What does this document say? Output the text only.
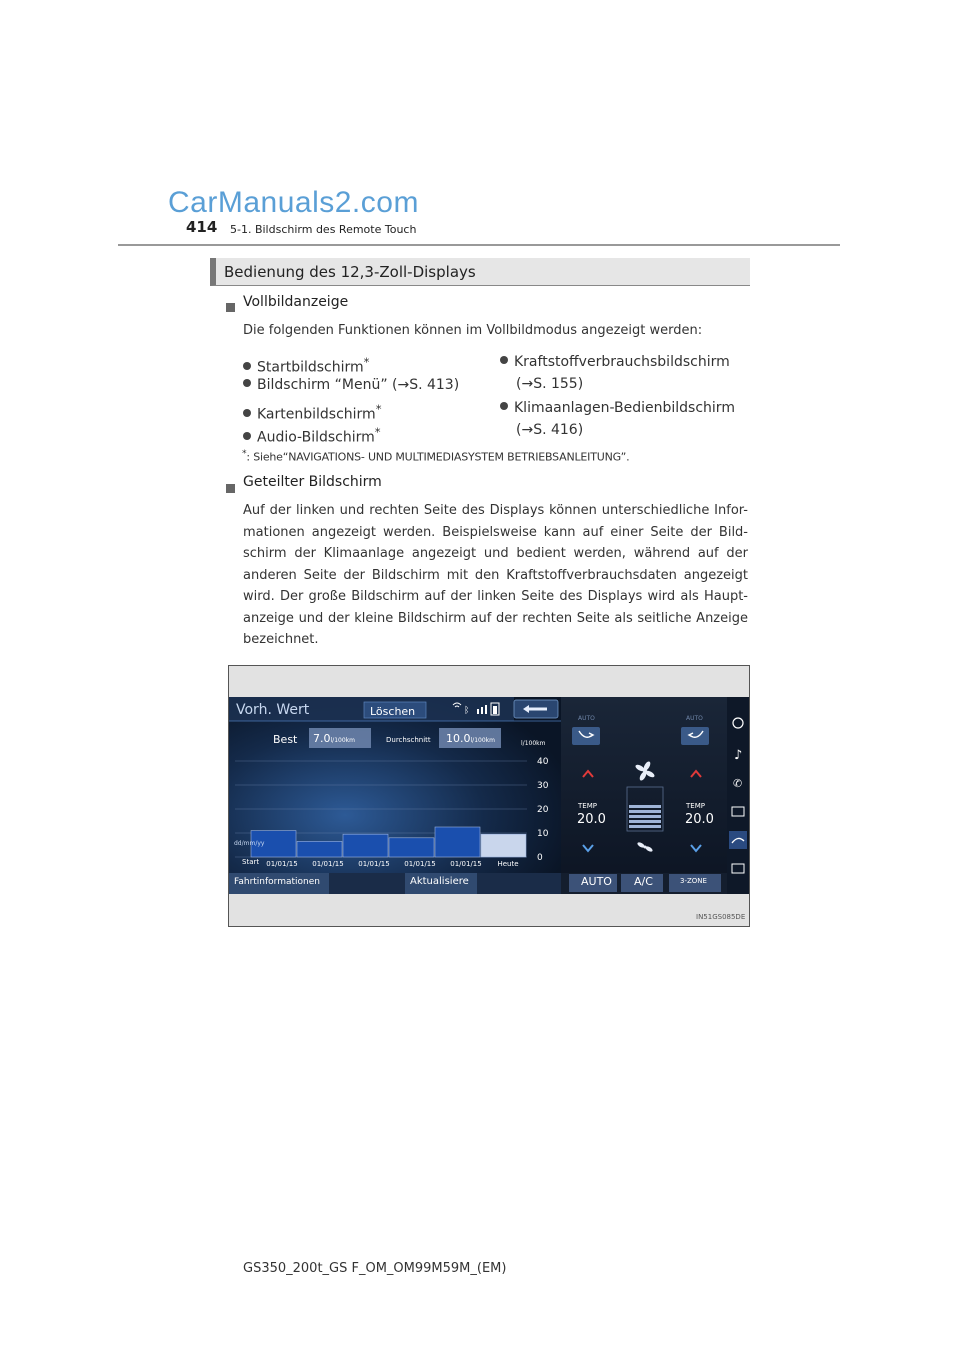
CarManuals2.com
414 5-1. Bildschirm des Remote Touch
Bedienung des 12,3-Zoll-Displays
Vollbildanzeige
Die folgenden Funktionen können im Vollbildmodus angezeigt werden:
Startbildschirm*
Bildschirm “Menü” (→S. 413)
Kartenbildschirm*
Audio-Bildschirm*
Kraftstoffverbrauchsbildschirm
(→S. 155)
Klimaanlagen-Bedienbildschirm
(→S. 416)
*: Siehe“NAVIGATIONS- UND MULTIMEDIASYSTEM BETRIEBSANLEITUNG”.
Geteilter Bildschirm
Auf der linken und rechten Seite des Displays können unterschiedliche Infor-
mationen angezeigt werden. Beispielsweise kann auf einer Seite der Bild-
schirm der Klimaanlage angezeigt und bedient werden, während auf der
anderen Seite der Bildschirm mit den Kraftstoffverbrauchsdaten angezeigt
wird. Der große Bildschirm auf der linken Seite des Displays wird als Haupt-
anzeige und der kleine Bildschirm auf der rechten Seite als seitliche Anzeige
bezeichnet.
ᛒ
♪
✆
0
10
20
30
40
01/01/15 01/01/15 01/01/15 01/01/15 01/01/15 Heute
Vorh. Wert	Löschen
Best 7.0l/100km	Durchschnitt 10.0l/100km	l/100km
dd/mm/yy
Start
Fahrtinformationen	Aktualisiere
AUTO	AUTO
TEMP
20.0
TEMP
20.0
AUTO A/C	3-ZONE
IN51GS085DE
GS350_200t_GS F_OM_OM99M59M_(EM)
